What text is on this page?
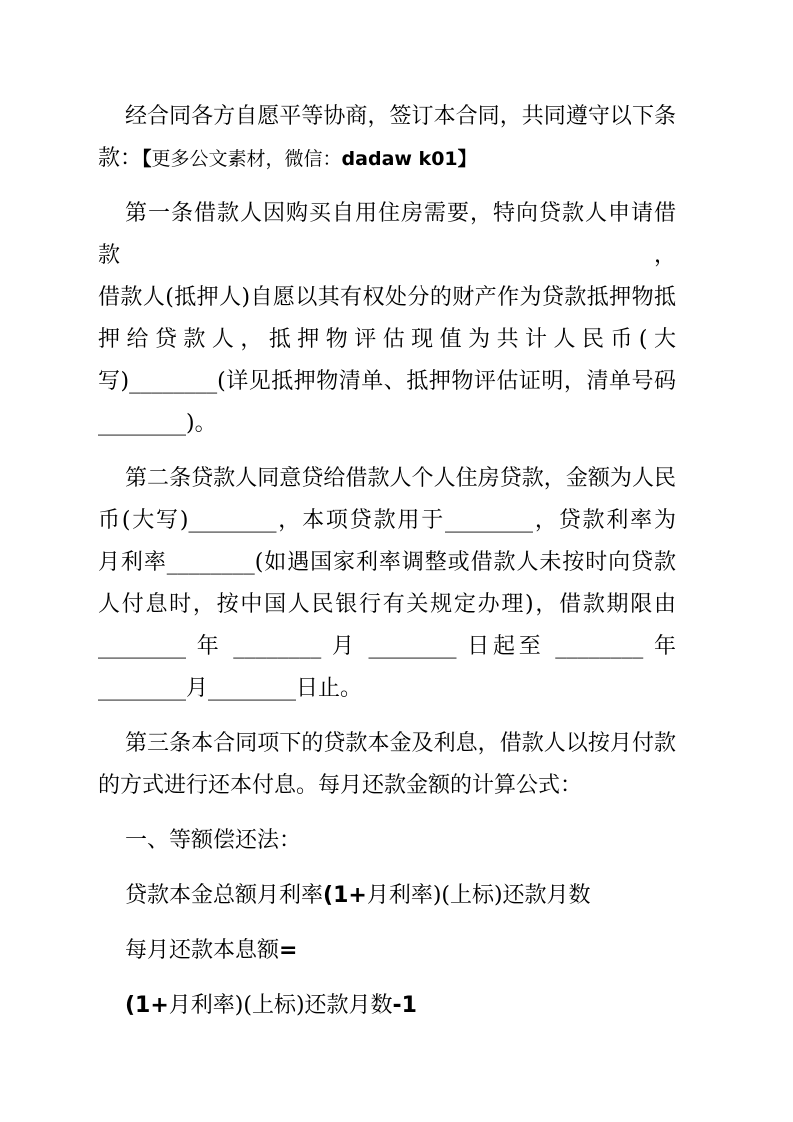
经合同各方自愿平等协商，签订本合同，共同遵守以下条
款：【更多公文素材，微信：dadaw k01】
第一条借款人因购买自用住房需要，特向贷款人申请借款，
借款人(抵押人)自愿以其有权处分的财产作为贷款抵押物抵
押给贷款人，抵押物评估现值为共计人民币(大
写)________(详见抵押物清单、抵押物评估证明，清单号码
________)。
第二条贷款人同意贷给借款人个人住房贷款，金额为人民
币(大写)________，本项贷款用于________，贷款利率为
月利率________(如遇国家利率调整或借款人未按时向贷款
人付息时，按中国人民银行有关规定办理)，借款期限由
________ 年 ________ 月 ________ 日起至 ________ 年
________月________日止。
第三条本合同项下的贷款本金及利息，借款人以按月付款
的方式进行还本付息。每月还款金额的计算公式：
一、等额偿还法：
贷款本金总额月利率(1+月利率)(上标)还款月数
每月还款本息额=
(1+月利率)(上标)还款月数-1
